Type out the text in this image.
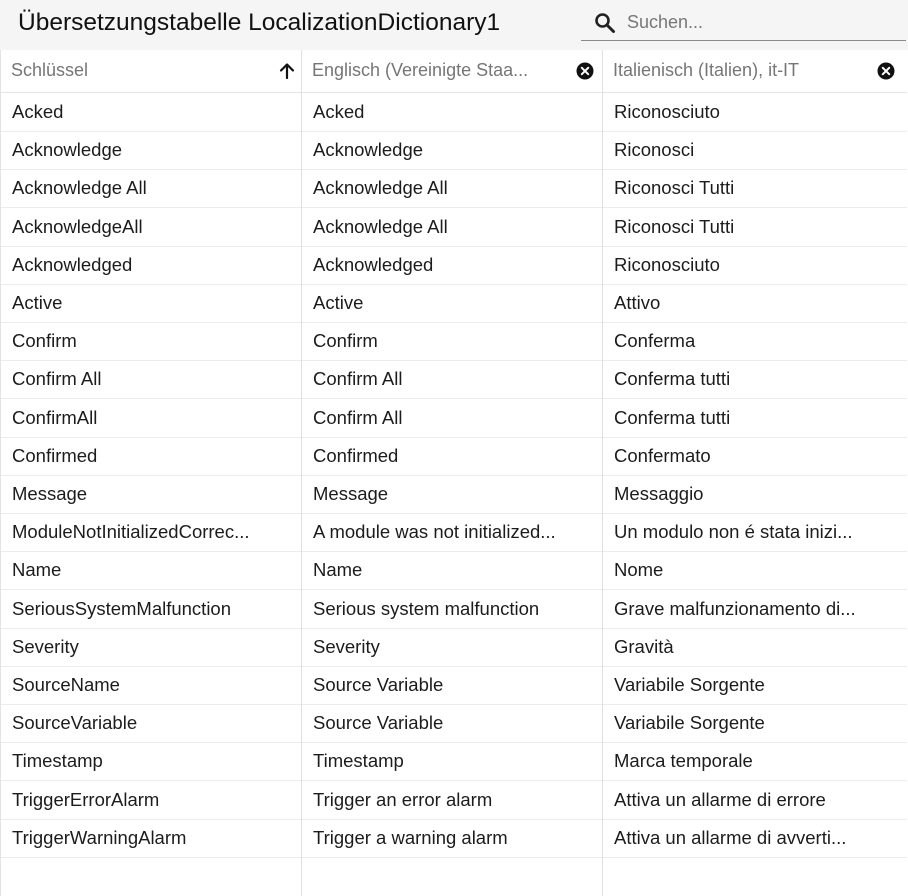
Übersetzungstabelle LocalizationDictionary1
Suchen...
Schlüssel	Englisch (Vereinigte Staa...	Italienisch (Italien), it-IT
Acked	Acked	Riconosciuto
Acknowledge	Acknowledge	Riconosci
Acknowledge All	Acknowledge All	Riconosci Tutti
AcknowledgeAll	Acknowledge All	Riconosci Tutti
Acknowledged	Acknowledged	Riconosciuto
Active	Active	Attivo
Confirm	Confirm	Conferma
Confirm All	Confirm All	Conferma tutti
ConfirmAll	Confirm All	Conferma tutti
Confirmed	Confirmed	Confermato
Message	Message	Messaggio
ModuleNotInitializedCorrec...	A module was not initialized...	Un modulo non é stata inizi...
Name	Name	Nome
SeriousSystemMalfunction	Serious system malfunction	Grave malfunzionamento di...
Severity	Severity	Gravità
SourceName	Source Variable	Variabile Sorgente
SourceVariable	Source Variable	Variabile Sorgente
Timestamp	Timestamp	Marca temporale
TriggerErrorAlarm	Trigger an error alarm	Attiva un allarme di errore
TriggerWarningAlarm	Trigger a warning alarm	Attiva un allarme di avverti...
